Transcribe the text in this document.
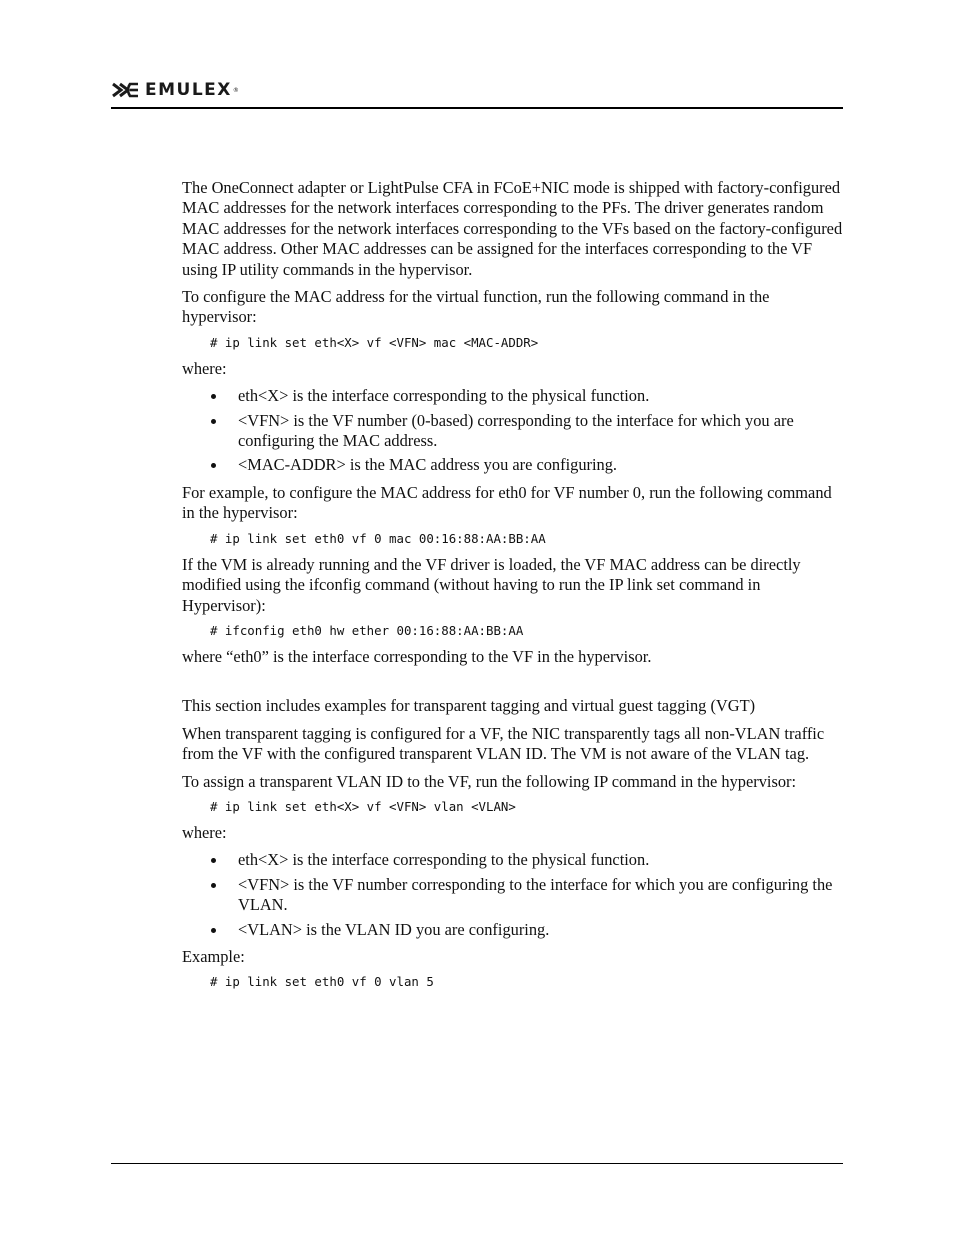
EMULEX ®

The OneConnect adapter or LightPulse CFA in FCoE+NIC mode is shipped with factory-configured MAC addresses for the network interfaces corresponding to the PFs. The driver generates random MAC addresses for the network interfaces corresponding to the VFs based on the factory-configured MAC address. Other MAC addresses can be assigned for the interfaces corresponding to the VF using IP utility commands in the hypervisor.

To configure the MAC address for the virtual function, run the following command in the hypervisor:

# ip link set eth<X> vf <VFN> mac <MAC-ADDR>

where:

eth<X> is the interface corresponding to the physical function.
<VFN> is the VF number (0-based) corresponding to the interface for which you are configuring the MAC address.
<MAC-ADDR> is the MAC address you are configuring.

For example, to configure the MAC address for eth0 for VF number 0, run the following command in the hypervisor:

# ip link set eth0 vf 0 mac 00:16:88:AA:BB:AA

If the VM is already running and the VF driver is loaded, the VF MAC address can be directly modified using the ifconfig command (without having to run the IP link set command in Hypervisor):

# ifconfig eth0 hw ether 00:16:88:AA:BB:AA

where “eth0” is the interface corresponding to the VF in the hypervisor.

This section includes examples for transparent tagging and virtual guest tagging (VGT)

When transparent tagging is configured for a VF, the NIC transparently tags all non-VLAN traffic from the VF with the configured transparent VLAN ID. The VM is not aware of the VLAN tag.

To assign a transparent VLAN ID to the VF, run the following IP command in the hypervisor:

# ip link set eth<X> vf <VFN> vlan <VLAN>

where:

eth<X> is the interface corresponding to the physical function.
<VFN> is the VF number corresponding to the interface for which you are configuring the VLAN.
<VLAN> is the VLAN ID you are configuring.

Example:

# ip link set eth0 vf 0 vlan 5
